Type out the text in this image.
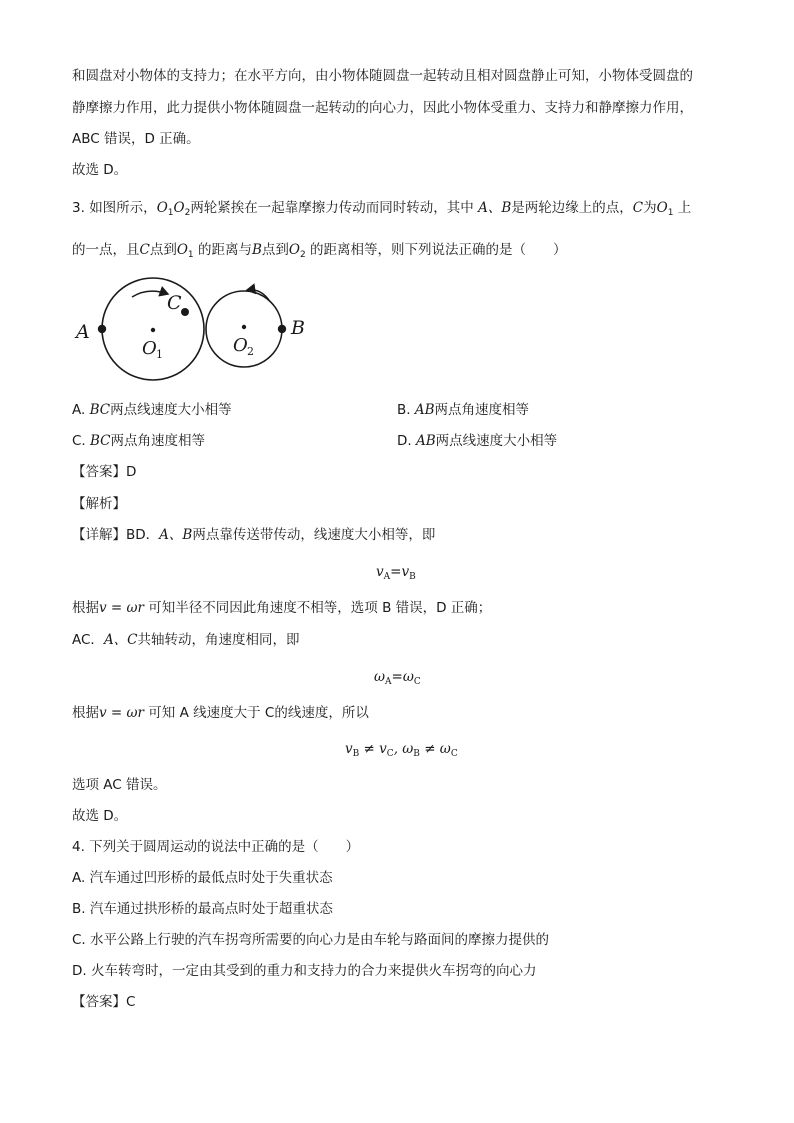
和圆盘对小物体的支持力；在水平方向，由小物体随圆盘一起转动且相对圆盘静止可知，小物体受圆盘的
静摩擦力作用，此力提供小物体随圆盘一起转动的向心力，因此小物体受重力、支持力和静摩擦力作用，
ABC 错误，D 正确。
故选 D。
3. 如图所示，$O_1O_2$两轮紧挨在一起靠摩擦力传动而同时转动，其中 A、B是两轮边缘上的点，C为$O_1$ 上
的一点，且C点到$O_1$ 的距离与B点到$O_2$ 的距离相等，则下列说法正确的是（　　）
A	B
C
O 1	O 2
A. BC两点线速度大小相等	B. AB两点角速度相等
C. BC两点角速度相等	D. AB两点线速度大小相等
【答案】D
【解析】
【详解】BD．A、B两点靠传送带传动，线速度大小相等，即
$v_A=v_B$
根据v = ωr 可知半径不同因此角速度不相等，选项 B 错误，D 正确；
AC．A、C共轴转动，角速度相同，即
$\omega_A=\omega_C$
根据v = ωr 可知 A 线速度大于 C的线速度，所以
$v_B \ne v_C$, $\omega_B \ne \omega_C$
选项 AC 错误。
故选 D。
4. 下列关于圆周运动的说法中正确的是（　　）
A. 汽车通过凹形桥的最低点时处于失重状态
B. 汽车通过拱形桥的最高点时处于超重状态
C. 水平公路上行驶的汽车拐弯所需要的向心力是由车轮与路面间的摩擦力提供的
D. 火车转弯时，一定由其受到的重力和支持力的合力来提供火车拐弯的向心力
【答案】C
